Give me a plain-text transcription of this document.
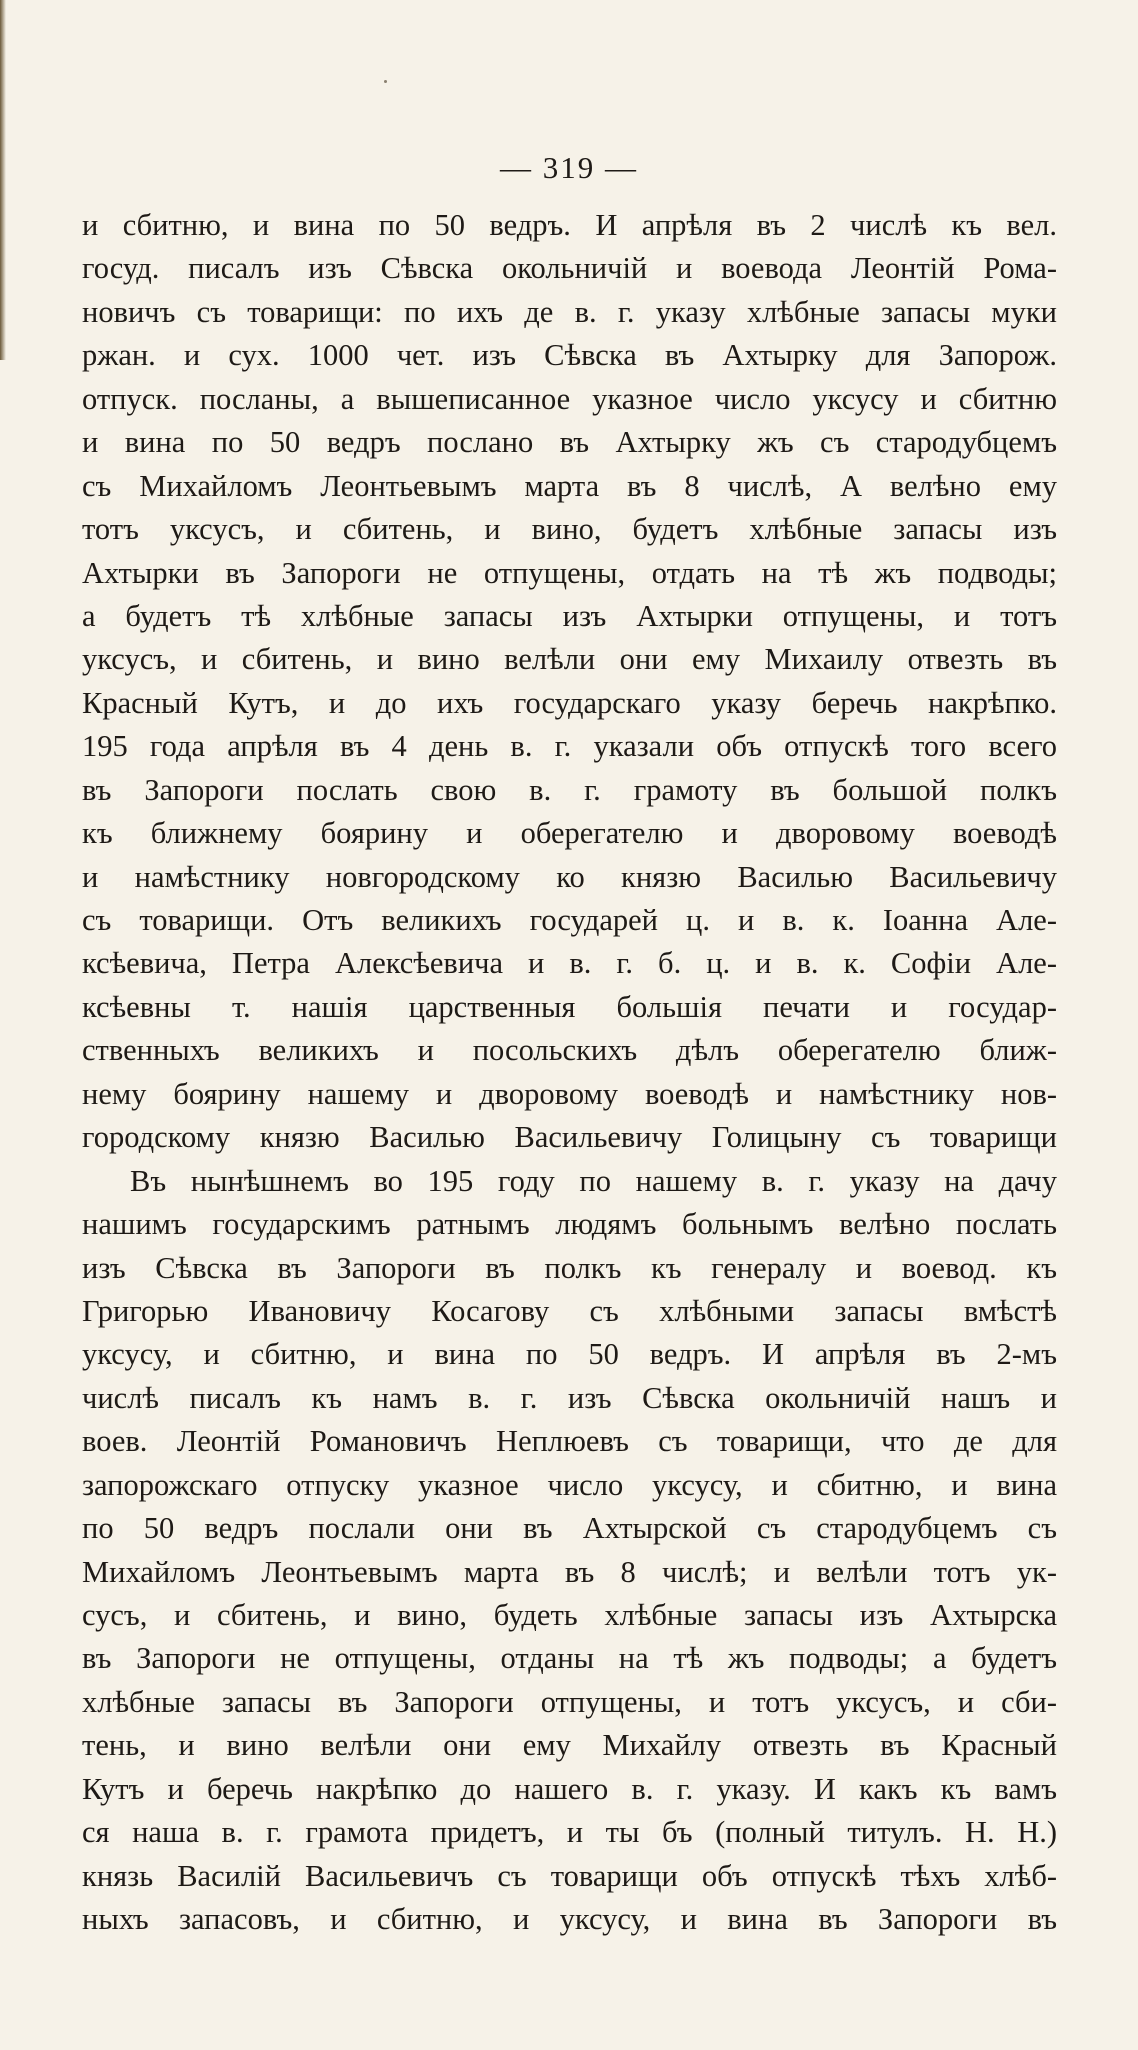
— 319 —
и сбитню, и вина по 50 ведръ. И апрѣля въ 2 числѣ къ вел.
госуд. писалъ изъ Сѣвска окольничій и воевода Леонтій Рома-
новичъ съ товарищи: по ихъ де в. г. указу хлѣбные запасы муки
ржан. и сух. 1000 чет. изъ Сѣвска въ Ахтырку для Запорож.
отпуск. посланы, а вышеписанное указное число уксусу и сбитню
и вина по 50 ведръ послано въ Ахтырку жъ съ стародубцемъ
съ Михайломъ Леонтьевымъ марта въ 8 числѣ, А велѣно ему
тотъ уксусъ, и сбитень, и вино, будетъ хлѣбные запасы изъ
Ахтырки въ Запороги не отпущены, отдать на тѣ жъ подводы;
а будетъ тѣ хлѣбные запасы изъ Ахтырки отпущены, и тотъ
уксусъ, и сбитень, и вино велѣли они ему Михаилу отвезть въ
Красный Кутъ, и до ихъ государскаго указу беречь накрѣпко.
195 года апрѣля въ 4 день в. г. указали объ отпускѣ того всего
въ Запороги послать свою в. г. грамоту въ большой полкъ
къ ближнему боярину и оберегателю и дворовому воеводѣ
и намѣстнику новгородскому ко князю Василью Васильевичу
съ товарищи. Отъ великихъ государей ц. и в. к. Іоанна Але-
ксѣевича, Петра Алексѣевича и в. г. б. ц. и в. к. Софіи Але-
ксѣевны т. нашія царственныя большія печати и государ-
ственныхъ великихъ и посольскихъ дѣлъ оберегателю ближ-
нему боярину нашему и дворовому воеводѣ и намѣстнику нов-
городскому князю Василью Васильевичу Голицыну съ товарищи
Въ нынѣшнемъ во 195 году по нашему в. г. указу на дачу
нашимъ государскимъ ратнымъ людямъ больнымъ велѣно послать
изъ Сѣвска въ Запороги въ полкъ къ генералу и воевод. къ
Григорью Ивановичу Косагову съ хлѣбными запасы вмѣстѣ
уксусу, и сбитню, и вина по 50 ведръ. И апрѣля въ 2-мъ
числѣ писалъ къ намъ в. г. изъ Сѣвска окольничій нашъ и
воев. Леонтій Романовичъ Неплюевъ съ товарищи, что де для
запорожскаго отпуску указное число уксусу, и сбитню, и вина
по 50 ведръ послали они въ Ахтырской съ стародубцемъ съ
Михайломъ Леонтьевымъ марта въ 8 числѣ; и велѣли тотъ ук-
сусъ, и сбитень, и вино, будеть хлѣбные запасы изъ Ахтырска
въ Запороги не отпущены, отданы на тѣ жъ подводы; а будетъ
хлѣбные запасы въ Запороги отпущены, и тотъ уксусъ, и сби-
тень, и вино велѣли они ему Михайлу отвезть въ Красный
Кутъ и беречь накрѣпко до нашего в. г. указу. И какъ къ вамъ
ся наша в. г. грамота придетъ, и ты бъ (полный титулъ. Н. Н.)
князь Василій Васильевичъ съ товарищи объ отпускѣ тѣхъ хлѣб-
ныхъ запасовъ, и сбитню, и уксусу, и вина въ Запороги въ
